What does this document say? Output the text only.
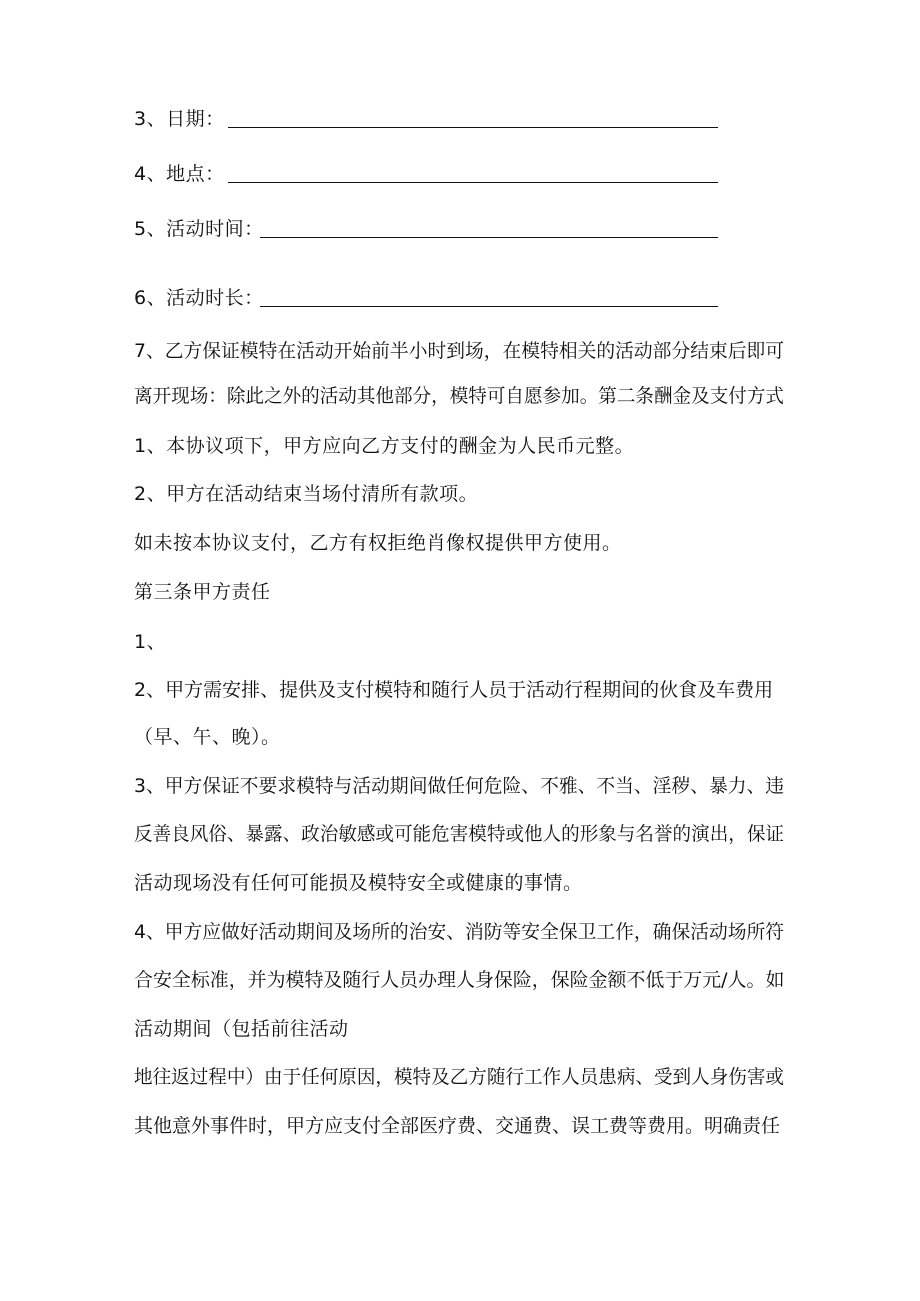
3、日期：
4、地点：
5、活动时间：
6、活动时长：
7、乙方保证模特在活动开始前半小时到场，在模特相关的活动部分结束后即可
离开现场：除此之外的活动其他部分，模特可自愿参加。第二条酬金及支付方式
1、本协议项下，甲方应向乙方支付的酬金为人民币元整。
2、甲方在活动结束当场付清所有款项。
如未按本协议支付，乙方有权拒绝肖像权提供甲方使用。
第三条甲方责任
1、
2、甲方需安排、提供及支付模特和随行人员于活动行程期间的伙食及车费用
（早、午、晚）。
3、甲方保证不要求模特与活动期间做任何危险、不雅、不当、淫秽、暴力、违
反善良风俗、暴露、政治敏感或可能危害模特或他人的形象与名誉的演出，保证
活动现场没有任何可能损及模特安全或健康的事情。
4、甲方应做好活动期间及场所的治安、消防等安全保卫工作，确保活动场所符
合安全标准，并为模特及随行人员办理人身保险，保险金额不低于万元/人。如
活动期间（包括前往活动
地往返过程中）由于任何原因，模特及乙方随行工作人员患病、受到人身伤害或
其他意外事件时，甲方应支付全部医疗费、交通费、误工费等费用。明确责任
